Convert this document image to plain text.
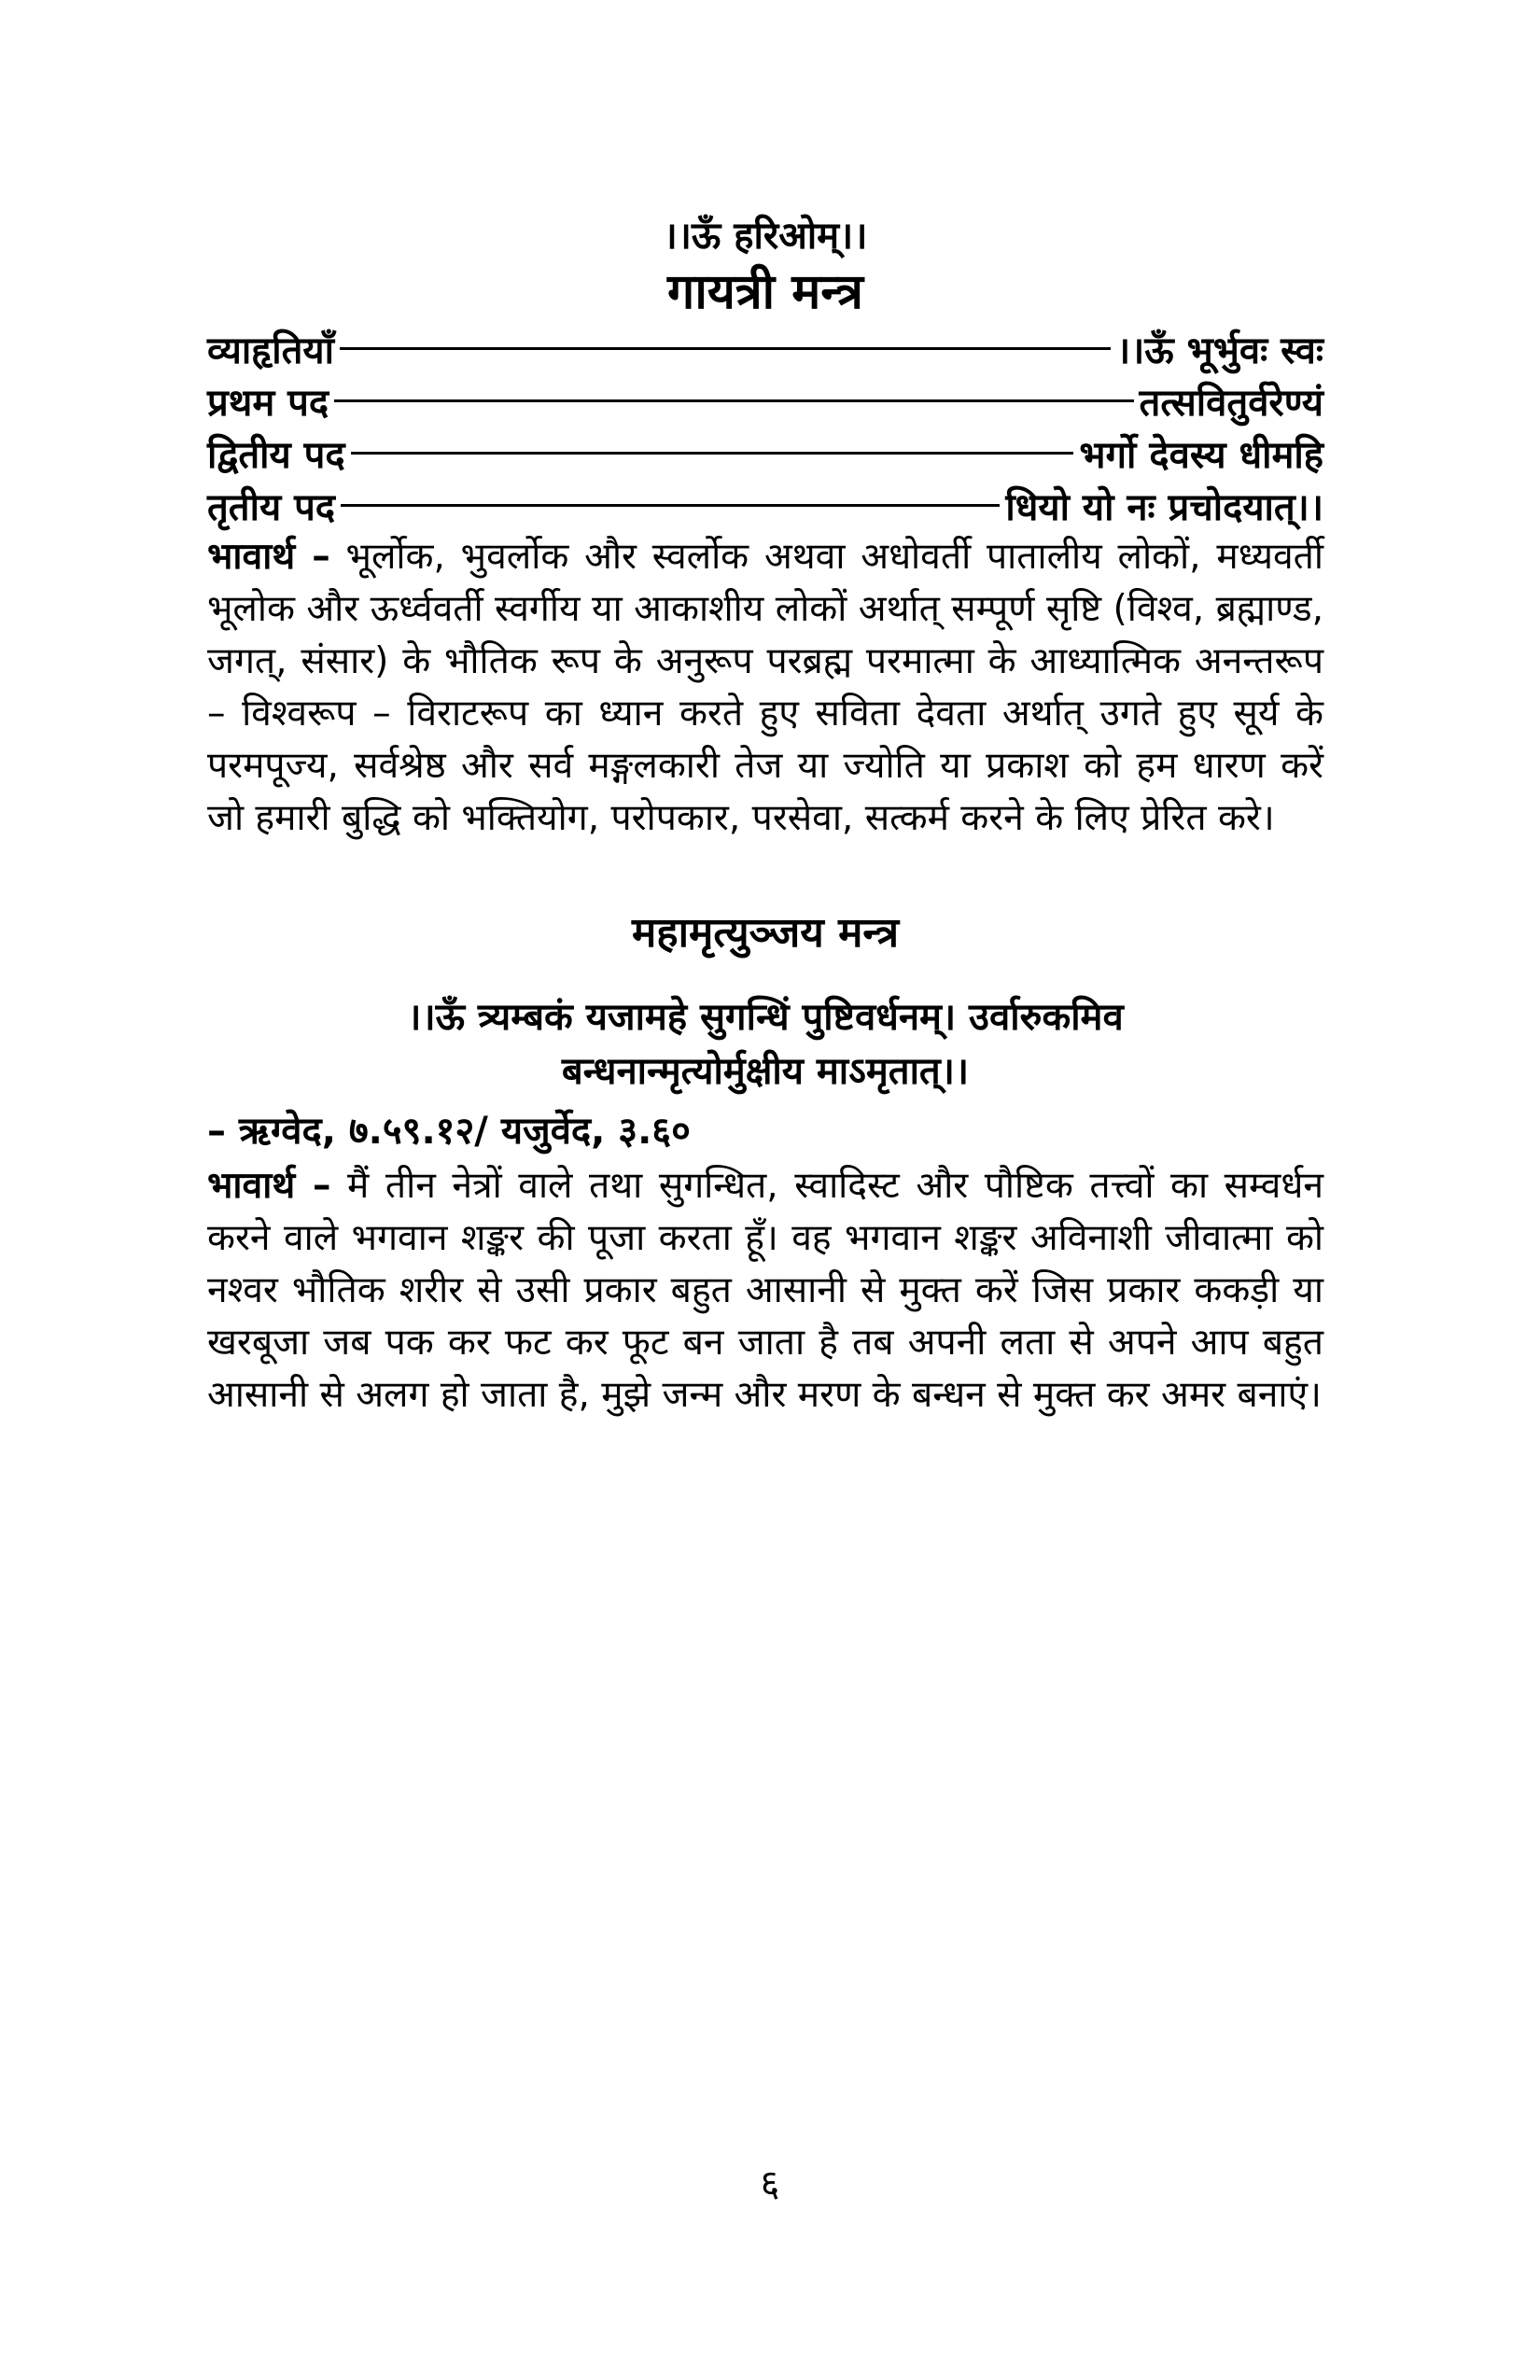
।।ऊँ हरिओम्।।
गायत्री मन्त्र
व्याहृतियाँ	।।ऊँ भूर्भुवः स्वः
प्रथम पद	तत्सवितुर्वरेण्यं
द्वितीय पद	भर्गो देवस्य धीमहि
तृतीय पद	धियो यो नः प्रचोदयात्।।

भावार्थ – भूर्लोक, भुवर्लोक और स्वर्लोक अथवा अधोवर्ती पातालीय लोकों, मध्यवर्ती भूलोक और ऊर्ध्ववर्ती स्वर्गीय या आकाशीय लोकों अर्थात् सम्पूर्ण सृष्टि (विश्व, ब्रह्माण्ड, जगत्, संसार) के भौतिक रूप के अनुरूप परब्रह्म परमात्मा के आध्यात्मिक अनन्तरूप – विश्वरूप – विराटरूप का ध्यान करते हुए सविता देवता अर्थात् उगते हुए सूर्य के परमपूज्य, सर्वश्रेष्ठ और सर्व मङ्गलकारी तेज या ज्योति या प्रकाश को हम धारण करें जो हमारी बुद्धि को भक्तियोग, परोपकार, परसेवा, सत्कर्म करने के लिए प्रेरित करे।

महामृत्युञ्जय मन्त्र
।।ऊँ त्र्यम्बकं यजामहे सुगन्धिं पुष्टिवर्धनम्। उर्वारुकमिव
बन्धनान्मृत्योर्मुक्षीय माऽमृतात्।।
– ऋग्वेद, ७.५९.१२/ यजुर्वेद, ३.६०

भावार्थ – मैं तीन नेत्रों वाले तथा सुगन्धित, स्वादिस्ट और पौष्टिक तत्त्वों का सम्वर्धन करने वाले भगवान शङ्कर की पूजा करता हूँ। वह भगवान शङ्कर अविनाशी जीवात्मा को नश्वर भौतिक शरीर से उसी प्रकार बहुत आसानी से मुक्त करें जिस प्रकार ककड़ी या खरबूजा जब पक कर फट कर फूट बन जाता है तब अपनी लता से अपने आप बहुत आसानी से अलग हो जाता है, मुझे जन्म और मरण के बन्धन से मुक्त कर अमर बनाएं।

६
